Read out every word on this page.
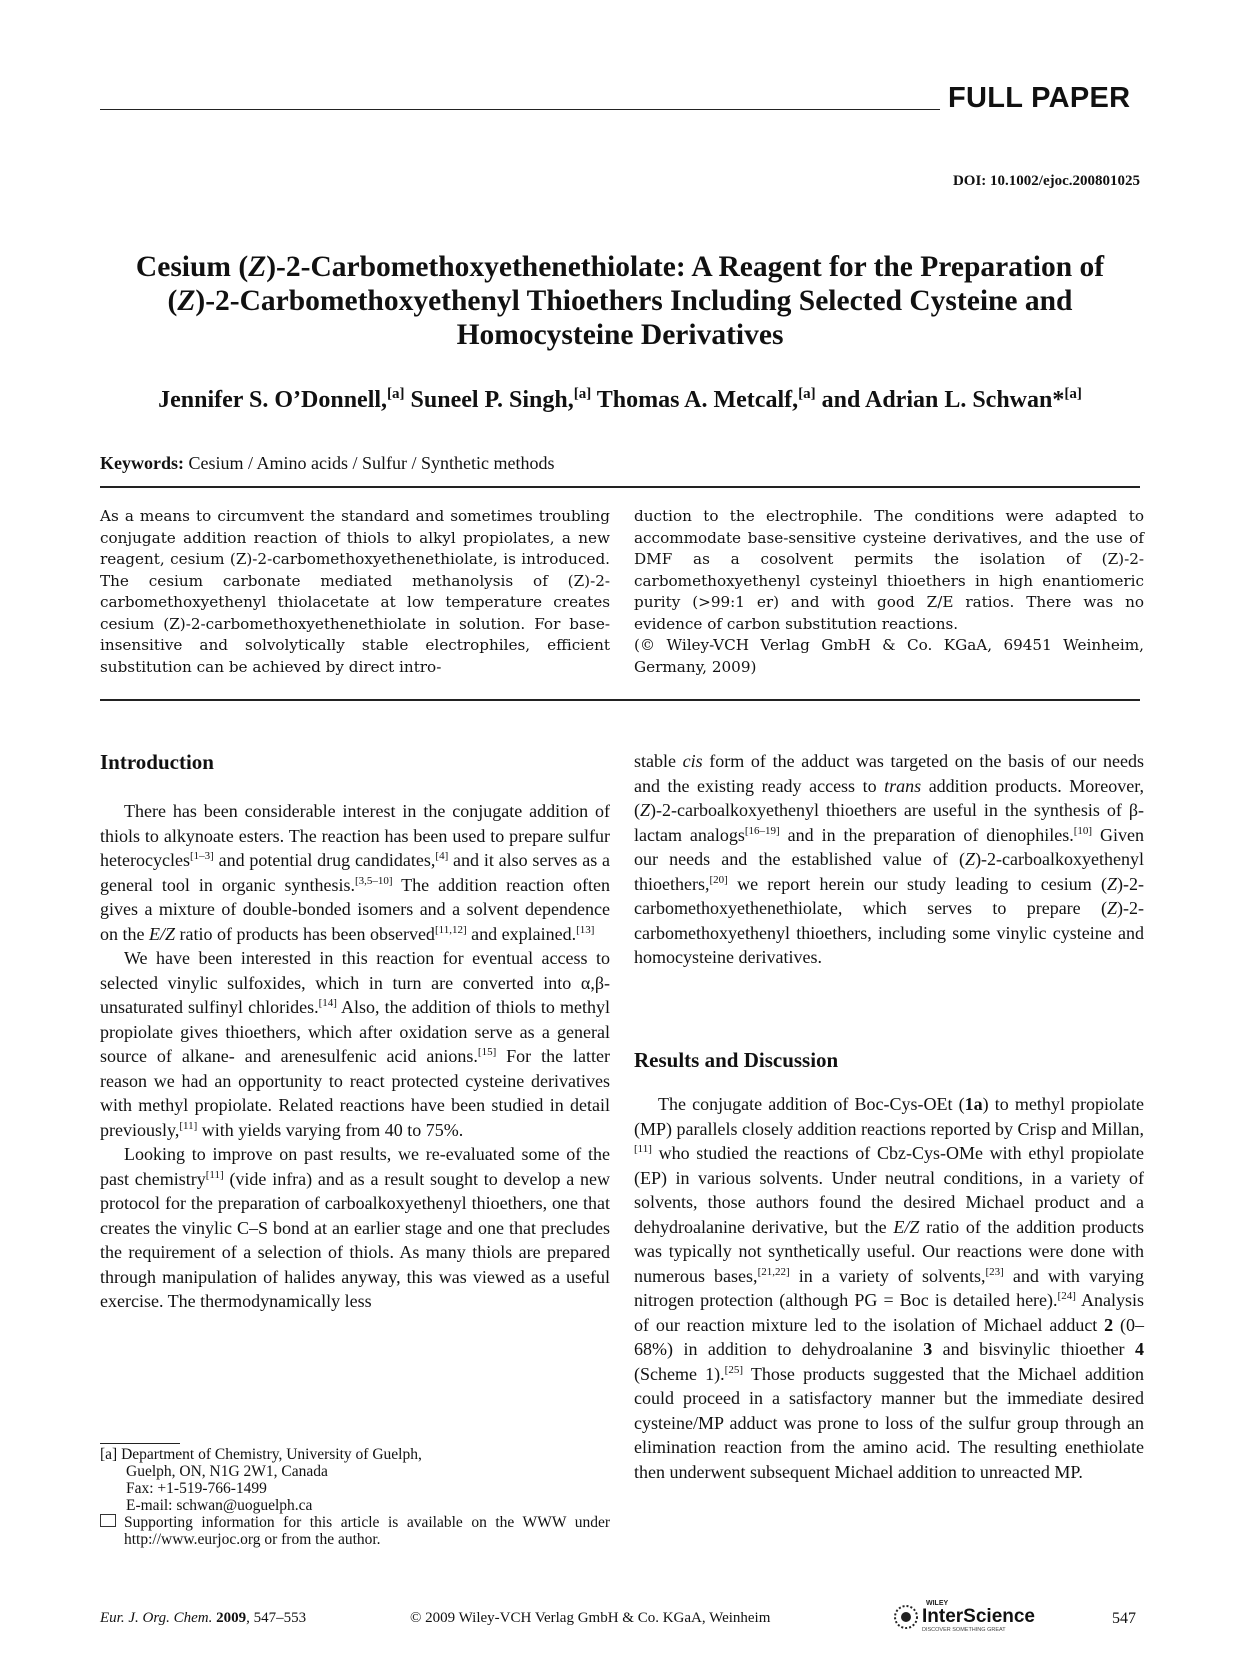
FULL PAPER
DOI: 10.1002/ejoc.200801025
Cesium (Z)-2-Carbomethoxyethenethiolate: A Reagent for the Preparation of (Z)-2-Carbomethoxyethenyl Thioethers Including Selected Cysteine and Homocysteine Derivatives
Jennifer S. O’Donnell,[a] Suneel P. Singh,[a] Thomas A. Metcalf,[a] and Adrian L. Schwan*[a]
Keywords: Cesium / Amino acids / Sulfur / Synthetic methods

As a means to circumvent the standard and sometimes troubling conjugate addition reaction of thiols to alkyl propiolates, a new reagent, cesium (Z)-2-carbomethoxyethenethiolate, is introduced. The cesium carbonate mediated methanolysis of (Z)-2-carbomethoxyethenyl thiolacetate at low temperature creates cesium (Z)-2-carbomethoxyethenethiolate in solution. For base-insensitive and solvolytically stable electrophiles, efficient substitution can be achieved by direct intro-

duction to the electrophile. The conditions were adapted to accommodate base-sensitive cysteine derivatives, and the use of DMF as a cosolvent permits the isolation of (Z)-2-carbomethoxyethenyl cysteinyl thioethers in high enantiomeric purity (>99:1 er) and with good Z/E ratios. There was no evidence of carbon substitution reactions.

(© Wiley-VCH Verlag GmbH & Co. KGaA, 69451 Weinheim, Germany, 2009)

Introduction

There has been considerable interest in the conjugate addition of thiols to alkynoate esters. The reaction has been used to prepare sulfur heterocycles[1–3] and potential drug candidates,[4] and it also serves as a general tool in organic synthesis.[3,5–10] The addition reaction often gives a mixture of double-bonded isomers and a solvent dependence on the E/Z ratio of products has been observed[11,12] and explained.[13]

We have been interested in this reaction for eventual access to selected vinylic sulfoxides, which in turn are converted into α,β-unsaturated sulfinyl chlorides.[14] Also, the addition of thiols to methyl propiolate gives thioethers, which after oxidation serve as a general source of alkane- and arenesulfenic acid anions.[15] For the latter reason we had an opportunity to react protected cysteine derivatives with methyl propiolate. Related reactions have been studied in detail previously,[11] with yields varying from 40 to 75%.

Looking to improve on past results, we re-evaluated some of the past chemistry[11] (vide infra) and as a result sought to develop a new protocol for the preparation of carboalkoxyethenyl thioethers, one that creates the vinylic C–S bond at an earlier stage and one that precludes the requirement of a selection of thiols. As many thiols are prepared through manipulation of halides anyway, this was viewed as a useful exercise. The thermodynamically less

[a] Department of Chemistry, University of Guelph,
Guelph, ON, N1G 2W1, Canada
Fax: +1-519-766-1499
E-mail: schwan@uoguelph.ca
Supporting information for this article is available on the WWW under http://www.eurjoc.org or from the author.

stable cis form of the adduct was targeted on the basis of our needs and the existing ready access to trans addition products. Moreover, (Z)-2-carboalkoxyethenyl thioethers are useful in the synthesis of β-lactam analogs[16–19] and in the preparation of dienophiles.[10] Given our needs and the established value of (Z)-2-carboalkoxyethenyl thioethers,[20] we report herein our study leading to cesium (Z)-2-carbomethoxyethenethiolate, which serves to prepare (Z)-2-carbomethoxyethenyl thioethers, including some vinylic cysteine and homocysteine derivatives.

Results and Discussion

The conjugate addition of Boc-Cys-OEt (1a) to methyl propiolate (MP) parallels closely addition reactions reported by Crisp and Millan,[11] who studied the reactions of Cbz-Cys-OMe with ethyl propiolate (EP) in various solvents. Under neutral conditions, in a variety of solvents, those authors found the desired Michael product and a dehydroalanine derivative, but the E/Z ratio of the addition products was typically not synthetically useful. Our reactions were done with numerous bases,[21,22] in a variety of solvents,[23] and with varying nitrogen protection (although PG = Boc is detailed here).[24] Analysis of our reaction mixture led to the isolation of Michael adduct 2 (0–68%) in addition to dehydroalanine 3 and bisvinylic thioether 4 (Scheme 1).[25] Those products suggested that the Michael addition could proceed in a satisfactory manner but the immediate desired cysteine/MP adduct was prone to loss of the sulfur group through an elimination reaction from the amino acid. The resulting enethiolate then underwent subsequent Michael addition to unreacted MP.

Eur. J. Org. Chem. 2009, 547–553	© 2009 Wiley-VCH Verlag GmbH & Co. KGaA, Weinheim
WILEY
InterScience
DISCOVER SOMETHING GREAT
547
